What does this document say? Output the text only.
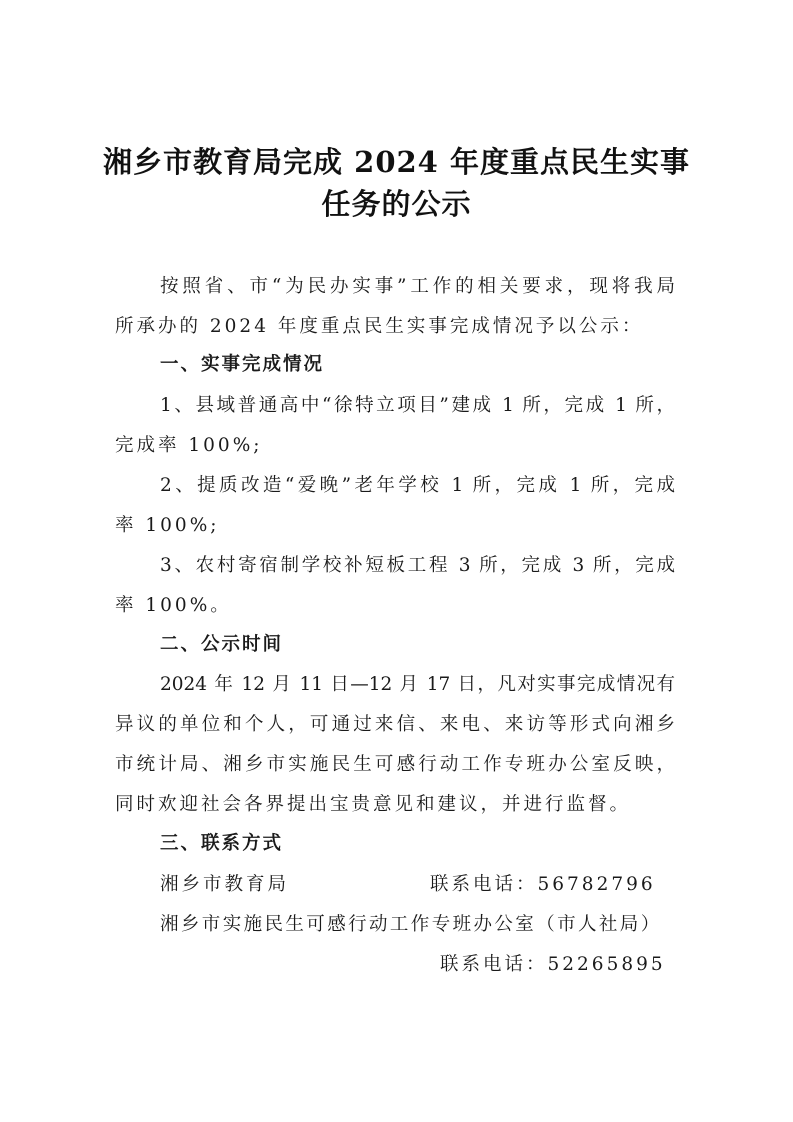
湘乡市教育局完成 2024 年度重点民生实事
任务的公示
按照省、市“为民办实事”工作的相关要求，现将我局
所承办的 2024 年度重点民生实事完成情况予以公示：
一、实事完成情况
1、县域普通高中“徐特立项目”建成 1 所，完成 1 所，
完成率 100%;
2、提质改造“爱晚”老年学校 1 所，完成 1 所，完成
率 100%;
3、农村寄宿制学校补短板工程 3 所，完成 3 所，完成
率 100%。
二、公示时间
2024 年 12 月 11 日—12 月 17 日，凡对实事完成情况有
异议的单位和个人，可通过来信、来电、来访等形式向湘乡
市统计局、湘乡市实施民生可感行动工作专班办公室反映，
同时欢迎社会各界提出宝贵意见和建议，并进行监督。
三、联系方式
湘乡市教育局	联系电话：56782796
湘乡市实施民生可感行动工作专班办公室（市人社局）
联系电话：52265895
